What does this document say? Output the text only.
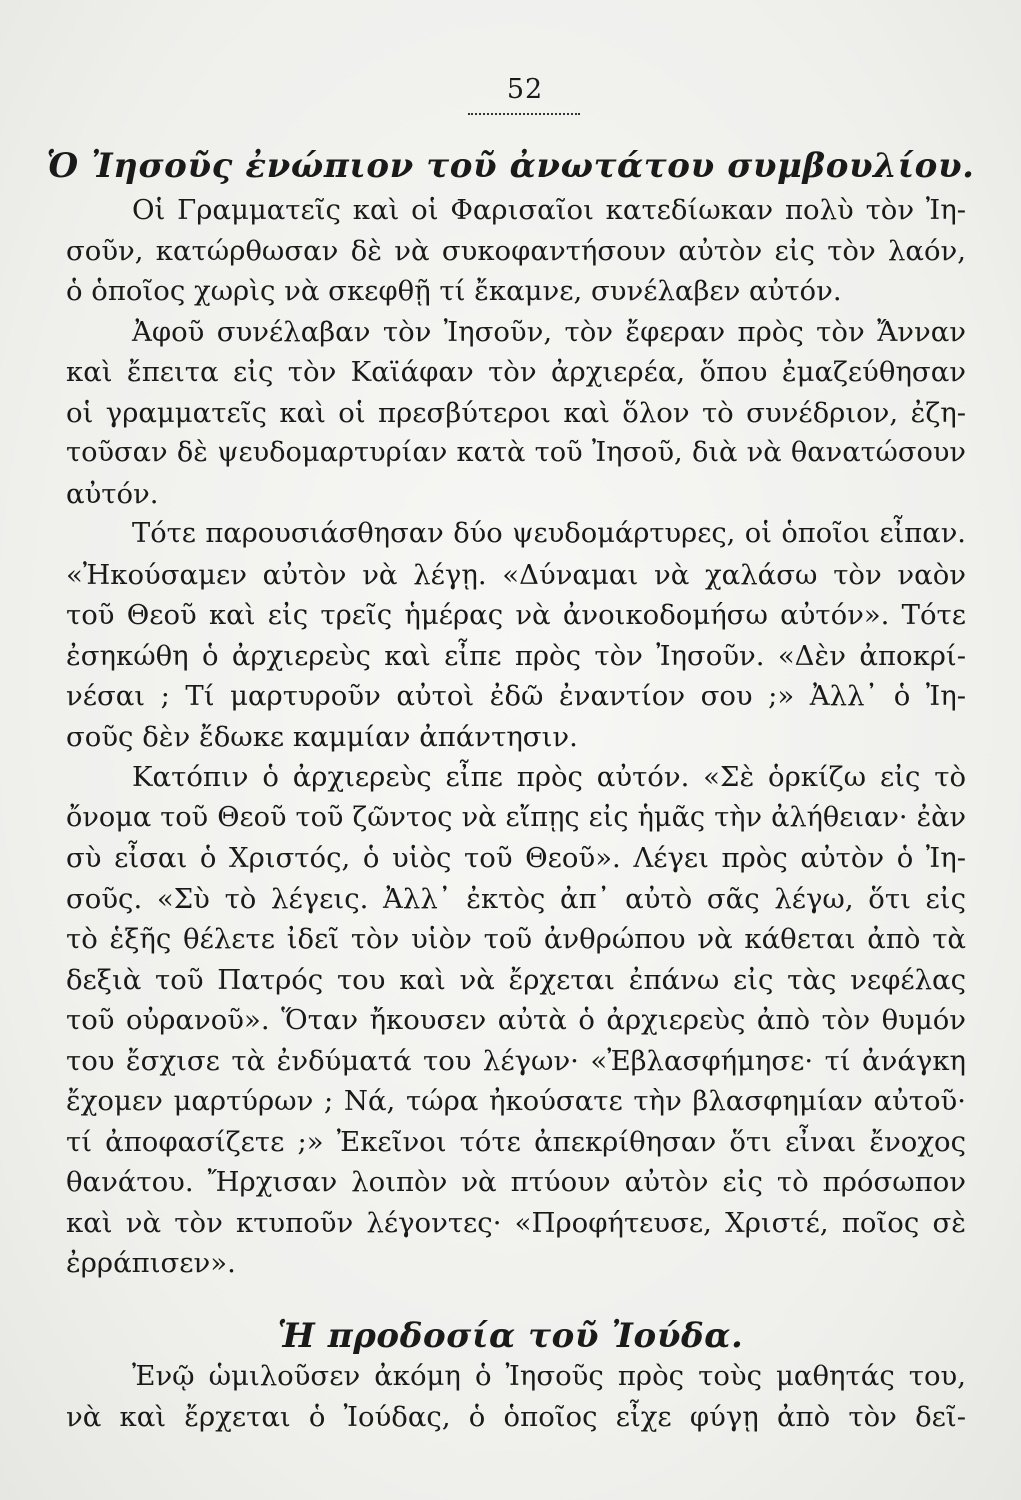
52
Ὁ Ἰησοῦς ἐνώπιον τοῦ ἀνωτάτου συμβουλίου.
Οἱ Γραμματεῖς καὶ οἱ Φαρισαῖοι κατεδίωκαν πολὺ τὸν Ἰη-
σοῦν, κατώρθωσαν δὲ νὰ συκοφαντήσουν αὐτὸν εἰς τὸν λαόν,
ὁ ὁποῖος χωρὶς νὰ σκεφθῇ τί ἔκαμνε, συνέλαβεν αὐτόν.
Ἀφοῦ συνέλαβαν τὸν Ἰησοῦν, τὸν ἔφεραν πρὸς τὸν Ἄνναν
καὶ ἔπειτα εἰς τὸν Καϊάφαν τὸν ἀρχιερέα, ὅπου ἐμαζεύθησαν
οἱ γραμματεῖς καὶ οἱ πρεσβύτεροι καὶ ὅλον τὸ συνέδριον, ἐζη-
τοῦσαν δὲ ψευδομαρτυρίαν κατὰ τοῦ Ἰησοῦ, διὰ νὰ θανατώσουν
αὐτόν.
Τότε παρουσιάσθησαν δύο ψευδομάρτυρες, οἱ ὁποῖοι εἶπαν.
«Ἠκούσαμεν αὐτὸν νὰ λέγῃ. «Δύναμαι νὰ χαλάσω τὸν ναὸν
τοῦ Θεοῦ καὶ εἰς τρεῖς ἡμέρας νὰ ἀνοικοδομήσω αὐτόν». Τότε
ἐσηκώθη ὁ ἀρχιερεὺς καὶ εἶπε πρὸς τὸν Ἰησοῦν. «Δὲν ἀποκρί-
νέσαι ; Τί μαρτυροῦν αὐτοὶ ἐδῶ ἐναντίον σου ;» Ἀλλ᾽ ὁ Ἰη-
σοῦς δὲν ἔδωκε καμμίαν ἀπάντησιν.
Κατόπιν ὁ ἀρχιερεὺς εἶπε πρὸς αὐτόν. «Σὲ ὁρκίζω εἰς τὸ
ὄνομα τοῦ Θεοῦ τοῦ ζῶντος νὰ εἴπῃς εἰς ἡμᾶς τὴν ἀλήθειαν· ἐὰν
σὺ εἶσαι ὁ Χριστός, ὁ υἱὸς τοῦ Θεοῦ». Λέγει πρὸς αὐτὸν ὁ Ἰη-
σοῦς. «Σὺ τὸ λέγεις. Ἀλλ᾽ ἐκτὸς ἀπ᾽ αὐτὸ σᾶς λέγω, ὅτι εἰς
τὸ ἑξῆς θέλετε ἰδεῖ τὸν υἱὸν τοῦ ἀνθρώπου νὰ κάθεται ἀπὸ τὰ
δεξιὰ τοῦ Πατρός του καὶ νὰ ἔρχεται ἐπάνω εἰς τὰς νεφέλας
τοῦ οὐρανοῦ». Ὅταν ἤκουσεν αὐτὰ ὁ ἀρχιερεὺς ἀπὸ τὸν θυμόν
του ἔσχισε τὰ ἐνδύματά του λέγων· «Ἐβλασφήμησε· τί ἀνάγκη
ἔχομεν μαρτύρων ; Νά, τώρα ἠκούσατε τὴν βλασφημίαν αὐτοῦ·
τί ἀποφασίζετε ;» Ἐκεῖνοι τότε ἀπεκρίθησαν ὅτι εἶναι ἔνοχος
θανάτου. Ἤρχισαν λοιπὸν νὰ πτύουν αὐτὸν εἰς τὸ πρόσωπον
καὶ νὰ τὸν κτυποῦν λέγοντες· «Προφήτευσε, Χριστέ, ποῖος σὲ
ἐρράπισεν».
Ἡ προδοσία τοῦ Ἰούδα.
Ἐνῷ ὡμιλοῦσεν ἀκόμη ὁ Ἰησοῦς πρὸς τοὺς μαθητάς του,
νὰ καὶ ἔρχεται ὁ Ἰούδας, ὁ ὁποῖος εἶχε φύγῃ ἀπὸ τὸν δεῖ-
